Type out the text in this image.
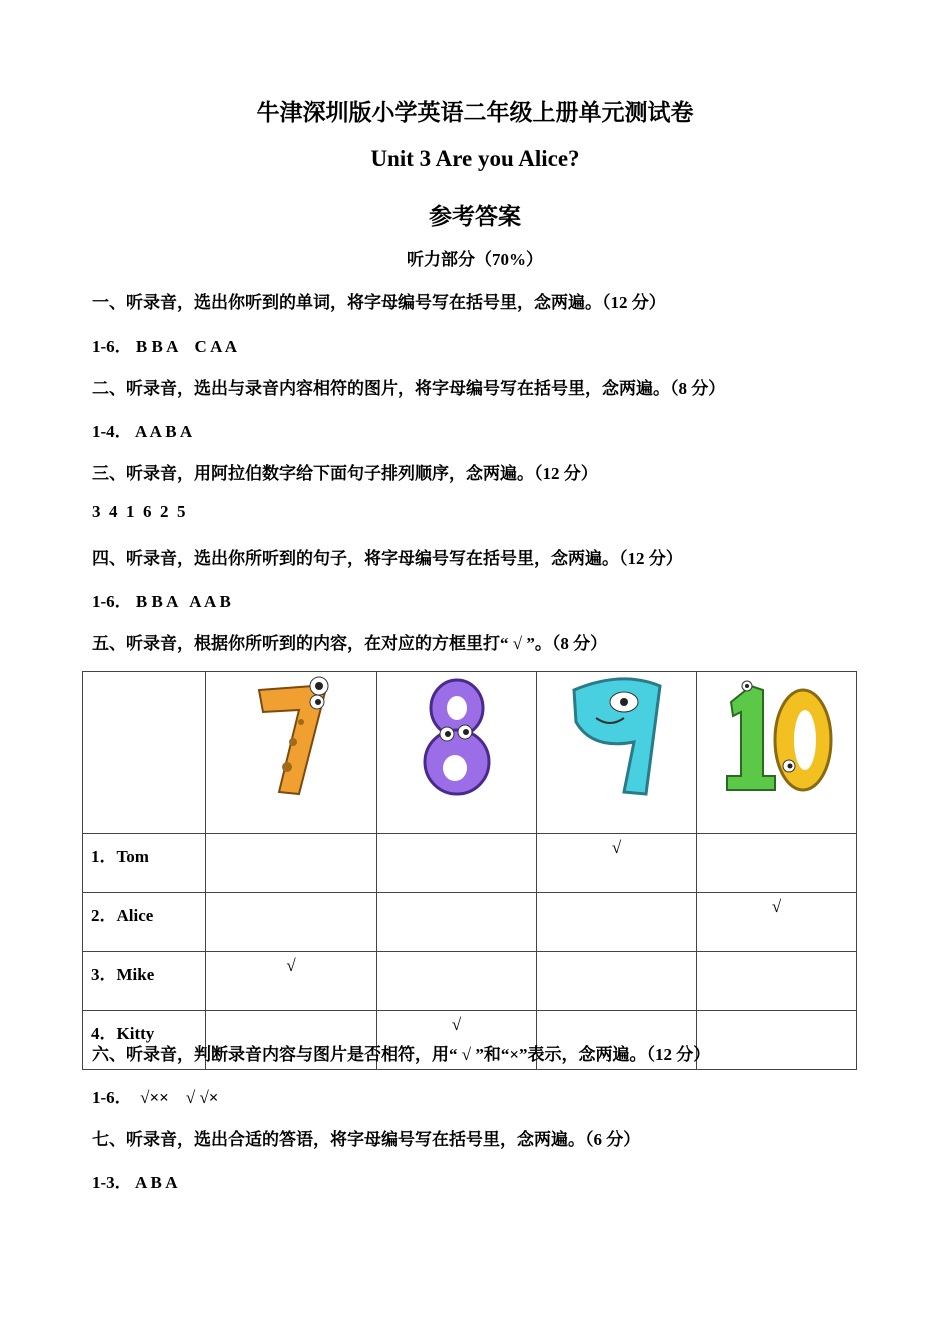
牛津深圳版小学英语二年级上册单元测试卷
Unit 3 Are you Alice?
参考答案
听力部分（70%）
一、听录音，选出你听到的单词，将字母编号写在括号里，念两遍。（12 分）
1-6． B B A    C A A
二、听录音，选出与录音内容相符的图片，将字母编号写在括号里，念两遍。（8 分）
1-4． A A B A
三、听录音，用阿拉伯数字给下面句子排列顺序，念两遍。（12 分）
3  4  1  6  2  5
四、听录音，选出你所听到的句子，将字母编号写在括号里，念两遍。（12 分）
1-6． B B A   A A B
五、听录音，根据你所听到的内容，在对应的方框里打“ √ ”。（8 分）

1．Tom			√	
2．Alice				√
3．Mike	√			
4．Kitty		√		
六、听录音，判断录音内容与图片是否相符，用“ √ ”和“×”表示，念两遍。（12 分）
1-6．  √××    √ √×
七、听录音，选出合适的答语，将字母编号写在括号里，念两遍。（6 分）
1-3． A B A
